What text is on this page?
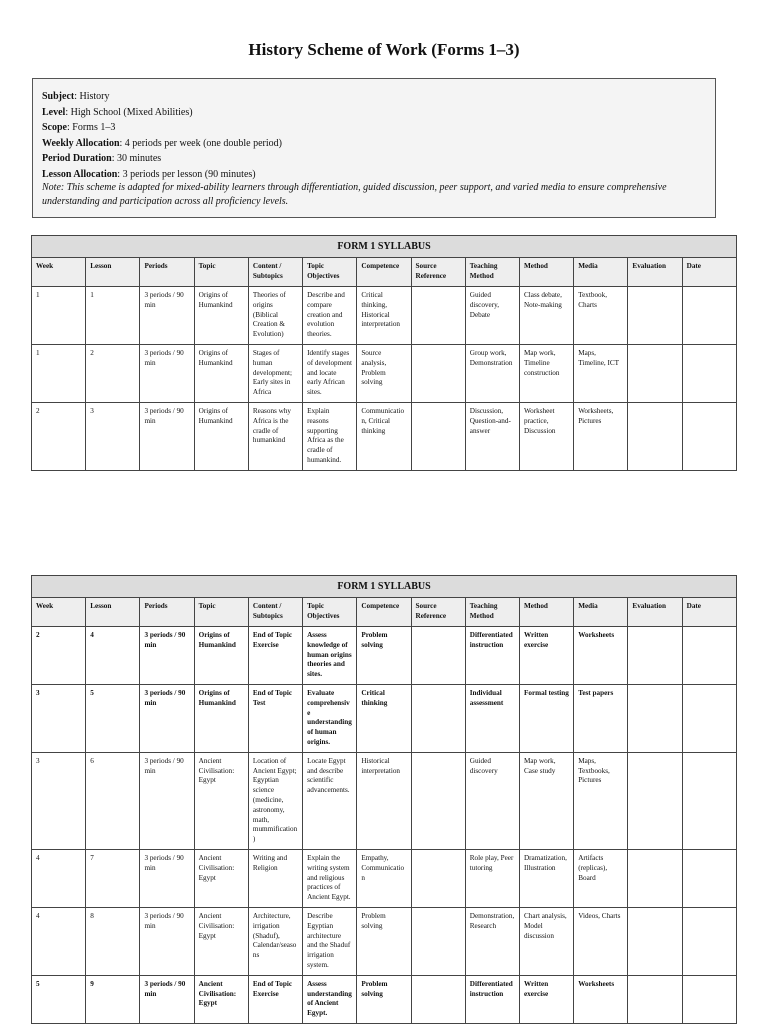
History Scheme of Work (Forms 1–3)
Subject: History
Level: High School (Mixed Abilities)
Scope: Forms 1–3
Weekly Allocation: 4 periods per week (one double period)
Period Duration: 30 minutes
Lesson Allocation: 3 periods per lesson (90 minutes)
Note: This scheme is adapted for mixed-ability learners through differentiation, guided discussion, peer support, and varied media to ensure comprehensive understanding and participation across all proficiency levels.
FORM 1 SYLLABUS												
Week	Lesson	Periods	Topic	Content / Subtopics	Topic Objectives	Competence	Source Reference	Teaching Method	Method	Media	Evaluation	Date
1	1	3 periods / 90 min	Origins of Humankind	Theories of origins (Biblical Creation & Evolution)	Describe and compare creation and evolution theories.	Critical thinking, Historical interpretation		Guided discovery, Debate	Class debate, Note-making	Textbook, Charts		
1	2	3 periods / 90 min	Origins of Humankind	Stages of human development; Early sites in Africa	Identify stages of development and locate early African sites.	Source analysis, Problem solving		Group work, Demonstration	Map work, Timeline construction	Maps, Timeline, ICT		
2	3	3 periods / 90 min	Origins of Humankind	Reasons why Africa is the cradle of humankind	Explain reasons supporting Africa as the cradle of humankind.	Communication, Critical thinking		Discussion, Question-and-answer	Worksheet practice, Discussion	Worksheets, Pictures		
FORM 1 SYLLABUS												
Week	Lesson	Periods	Topic	Content / Subtopics	Topic Objectives	Competence	Source Reference	Teaching Method	Method	Media	Evaluation	Date
2	4	3 periods / 90 min	Origins of Humankind	End of Topic Exercise	Assess knowledge of human origins theories and sites.	Problem solving		Differentiated instruction	Written exercise	Worksheets		
3	5	3 periods / 90 min	Origins of Humankind	End of Topic Test	Evaluate comprehensive understanding of human origins.	Critical thinking		Individual assessment	Formal testing	Test papers		
3	6	3 periods / 90 min	Ancient Civilisation: Egypt	Location of Ancient Egypt; Egyptian science (medicine, astronomy, math, mummification)	Locate Egypt and describe scientific advancements.	Historical interpretation		Guided discovery	Map work, Case study	Maps, Textbooks, Pictures		
4	7	3 periods / 90 min	Ancient Civilisation: Egypt	Writing and Religion	Explain the writing system and religious practices of Ancient Egypt.	Empathy, Communication		Role play, Peer tutoring	Dramatization, Illustration	Artifacts (replicas), Board		
4	8	3 periods / 90 min	Ancient Civilisation: Egypt	Architecture, irrigation (Shaduf), Calendar/seasons	Describe Egyptian architecture and the Shaduf irrigation system.	Problem solving		Demonstration, Research	Chart analysis, Model discussion	Videos, Charts		
5	9	3 periods / 90 min	Ancient Civilisation: Egypt	End of Topic Exercise	Assess understanding of Ancient Egypt.	Problem solving		Differentiated instruction	Written exercise	Worksheets		
